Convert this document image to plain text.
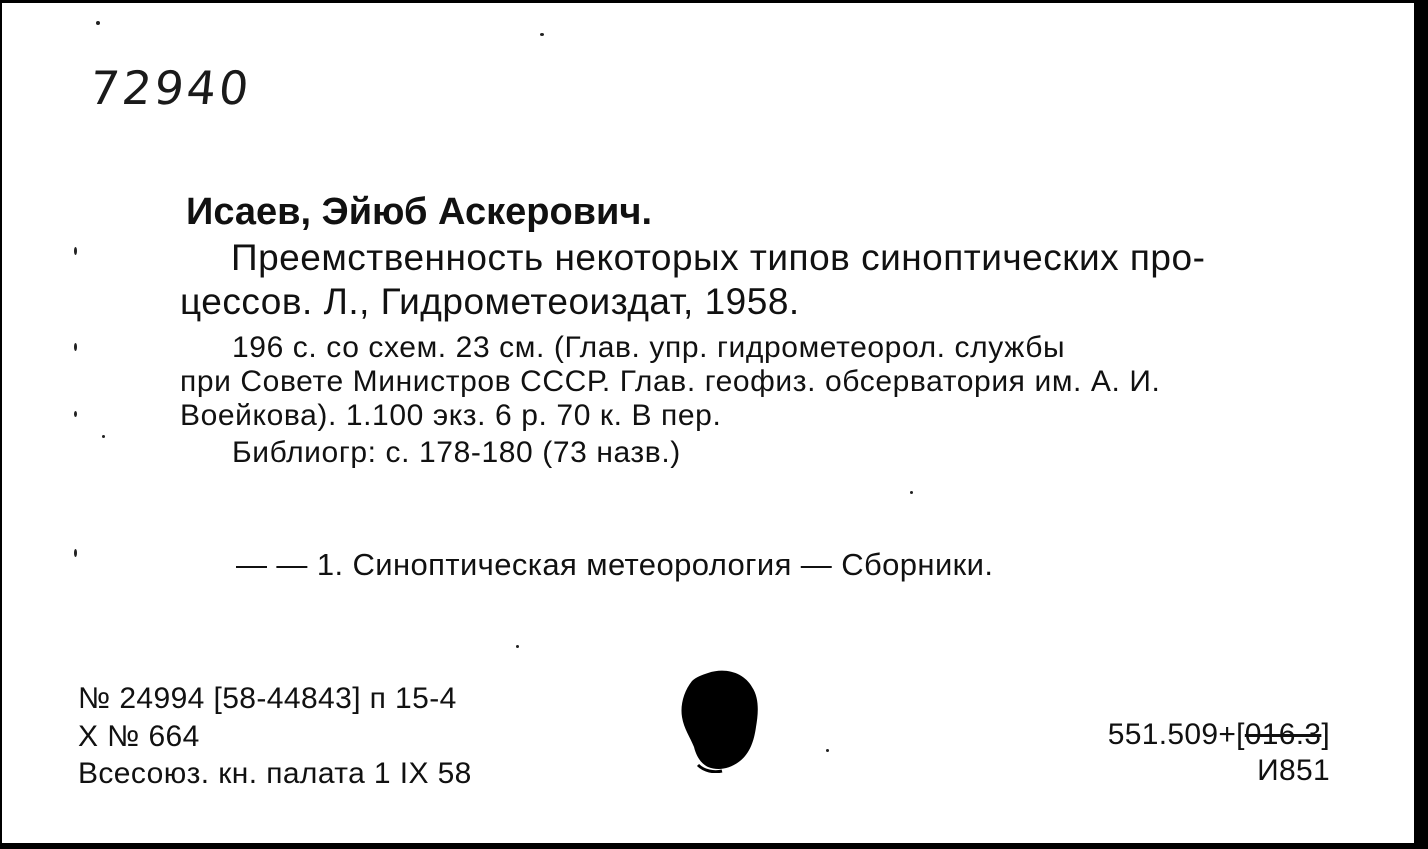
72940
Исаев, Эйюб Аскерович.
Преемственность некоторых типов синоптических про-
цессов. Л., Гидрометеоиздат, 1958.
196 с. со схем. 23 см. (Глав. упр. гидрометеорол. службы
при Совете Министров СССР. Глав. геофиз. обсерватория им. А. И.
Воейкова). 1.100 экз. 6 р. 70 к. В пер.
Библиогр: с. 178-180 (73 назв.)
— — 1. Синоптическая метеорология — Сборники.
№ 24994 [58-44843] п 15-4
Х № 664
Всесоюз. кн. палата 1 IX 58
551.509+[016.3]
И851
